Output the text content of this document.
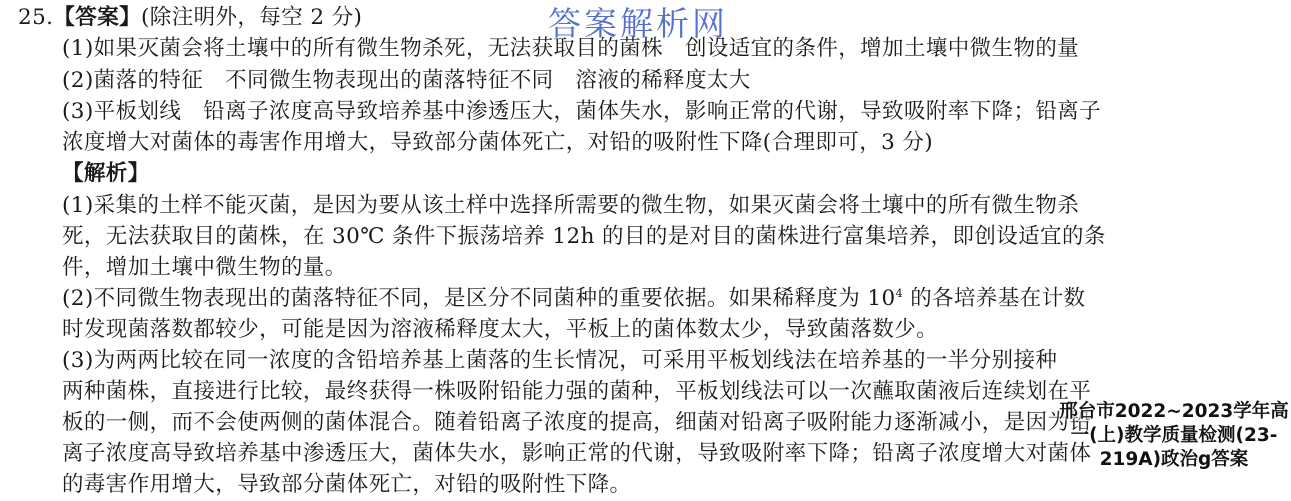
25.【答案】(除注明外，每空 2 分)
(1)如果灭菌会将土壤中的所有微生物杀死，无法获取目的菌株　创设适宜的条件，增加土壤中微生物的量
(2)菌落的特征　不同微生物表现出的菌落特征不同　溶液的稀释度太大
(3)平板划线　铅离子浓度高导致培养基中渗透压大，菌体失水，影响正常的代谢，导致吸附率下降；铅离子
浓度增大对菌体的毒害作用增大，导致部分菌体死亡，对铅的吸附性下降(合理即可，3 分)
【解析】
(1)采集的土样不能灭菌，是因为要从该土样中选择所需要的微生物，如果灭菌会将土壤中的所有微生物杀
死，无法获取目的菌株，在 30℃ 条件下振荡培养 12h 的目的是对目的菌株进行富集培养，即创设适宜的条
件，增加土壤中微生物的量。
(2)不同微生物表现出的菌落特征不同，是区分不同菌种的重要依据。如果稀释度为 $10^4$ 的各培养基在计数
时发现菌落数都较少，可能是因为溶液稀释度太大，平板上的菌体数太少，导致菌落数少。
(3)为两两比较在同一浓度的含铅培养基上菌落的生长情况，可采用平板划线法在培养基的一半分别接种
两种菌株，直接进行比较，最终获得一株吸附铅能力强的菌种，平板划线法可以一次蘸取菌液后连续划在平
板的一侧，而不会使两侧的菌体混合。随着铅离子浓度的提高，细菌对铅离子吸附能力逐渐减小，是因为铅
离子浓度高导致培养基中渗透压大，菌体失水，影响正常的代谢，导致吸附率下降；铅离子浓度增大对菌体
的毒害作用增大，导致部分菌体死亡，对铅的吸附性下降。
答案解析网
邢台市2022~2023学年高一(上)教学质量检测(23-219A)政治g答案
